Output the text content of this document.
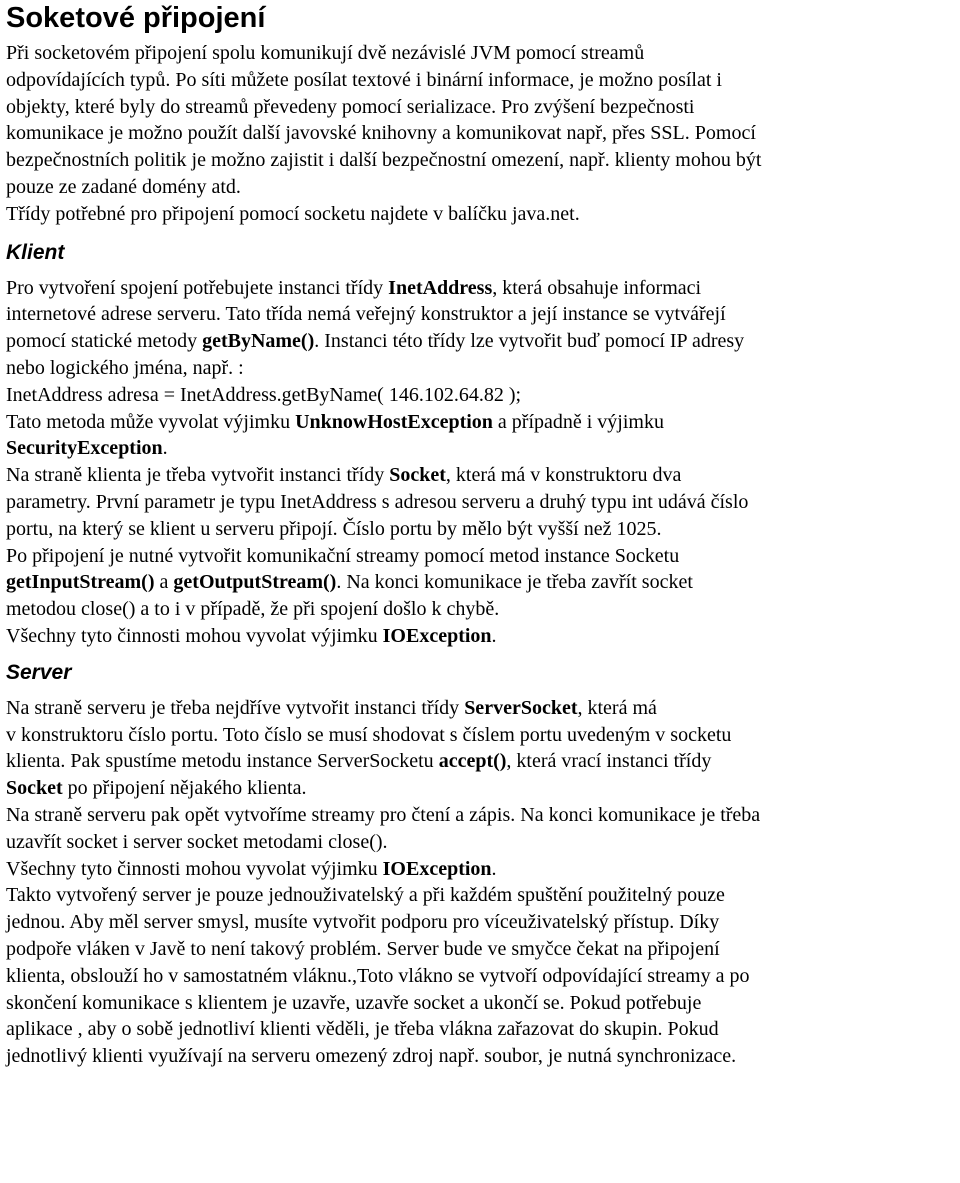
Soketové připojení
Při socketovém připojení spolu komunikují dvě nezávislé JVM pomocí streamů
odpovídajících typů. Po síti můžete posílat textové i binární informace, je možno posílat i
objekty, které byly do streamů převedeny pomocí serializace. Pro zvýšení bezpečnosti
komunikace je možno použít další javovské knihovny a komunikovat např, přes SSL. Pomocí
bezpečnostních politik je možno zajistit i další bezpečnostní omezení, např. klienty mohou být
pouze ze zadané domény atd.
Třídy potřebné pro připojení pomocí socketu najdete v balíčku java.net.
Klient
Pro vytvoření spojení potřebujete instanci třídy InetAddress, která obsahuje informaci
internetové adrese serveru. Tato třída nemá veřejný konstruktor a její instance se vytvářejí
pomocí statické metody getByName(). Instanci této třídy lze vytvořit buď pomocí IP adresy
nebo logického jména, např. :
InetAddress adresa = InetAddress.getByName( 146.102.64.82 );
Tato metoda může vyvolat výjimku UnknowHostException a případně i výjimku
SecurityException.
Na straně klienta je třeba vytvořit instanci třídy Socket, která má v konstruktoru dva
parametry. První parametr je typu InetAddress s adresou serveru a druhý typu int udává číslo
portu, na který se klient u serveru připojí. Číslo portu by mělo být vyšší než 1025.
Po připojení je nutné vytvořit komunikační streamy pomocí metod instance Socketu
getInputStream() a getOutputStream(). Na konci komunikace je třeba zavřít socket
metodou close() a to i v případě, že při spojení došlo k chybě.
Všechny tyto činnosti mohou vyvolat výjimku IOException.
Server
Na straně serveru je třeba nejdříve vytvořit instanci třídy ServerSocket, která má
v konstruktoru číslo portu. Toto číslo se musí shodovat s číslem portu uvedeným v socketu
klienta. Pak spustíme metodu instance ServerSocketu accept(), která vrací instanci třídy
Socket po připojení nějakého klienta.
Na straně serveru pak opět vytvoříme streamy pro čtení a zápis. Na konci komunikace je třeba
uzavřít socket i server socket metodami close().
Všechny tyto činnosti mohou vyvolat výjimku IOException.
Takto vytvořený server je pouze jednouživatelský a při každém spuštění použitelný pouze
jednou. Aby měl server smysl, musíte vytvořit podporu pro víceuživatelský přístup. Díky
podpoře vláken v Javě to není takový problém. Server bude ve smyčce čekat na připojení
klienta, obslouží ho v samostatném vláknu.,Toto vlákno se vytvoří odpovídající streamy a po
skončení komunikace s klientem je uzavře, uzavře socket a ukončí se. Pokud potřebuje
aplikace , aby o sobě jednotliví klienti věděli, je třeba vlákna zařazovat do skupin. Pokud
jednotlivý klienti využívají na serveru omezený zdroj např. soubor, je nutná synchronizace.
